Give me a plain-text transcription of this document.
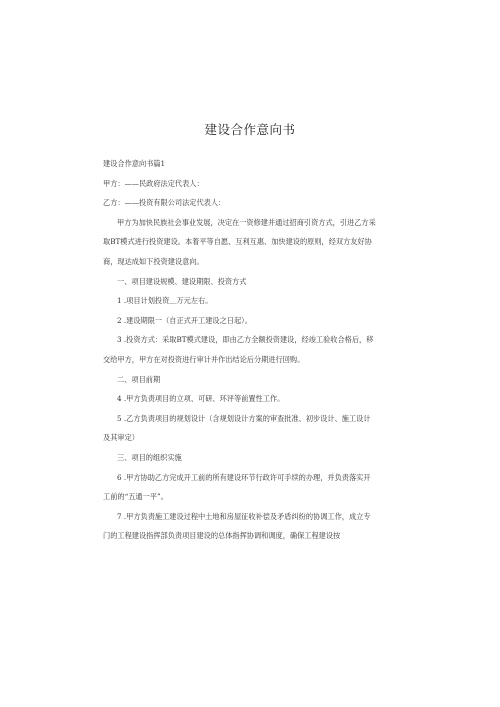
建设合作意向书
建设合作意向书篇1
甲方：——民政府法定代表人：
乙方：——投资有限公司法定代表人：
甲方为加快民族社会事业发展，决定在一资修建并通过招商引资方式，引进乙方采
取BT模式进行投资建设。本着平等自愿、互利互惠、加快建设的原则，经双方友好协
商，现达成如下投资建设意向。
一、项目建设规模、建设期限、投资方式
1 .项目计划投资＿万元左右。
2 .建设期限一（自正式开工建设之日起）。
3 .投资方式：采取BT模式建设，即由乙方全额投资建设，经竣工验收合格后，移
交给甲方，甲方在对投资进行审计并作出结论后分期进行回购。
二、项目前期
4 .甲方负责项目的立项、可研、环评等前置性工作。
5 .乙方负责项目的规划设计（含规划设计方案的审查批准、初步设计、施工设计
及其审定）
三、项目的组织实施
6 .甲方协助乙方完成开工前的所有建设环节行政许可手续的办理，并负责落实开
工前的“五通一平”。
7 .甲方负责施工建设过程中土地和房屋征收补偿及矛盾纠纷的协调工作，成立专
门的工程建设指挥部负责项目建设的总体指挥协调和调度，确保工程建设按
